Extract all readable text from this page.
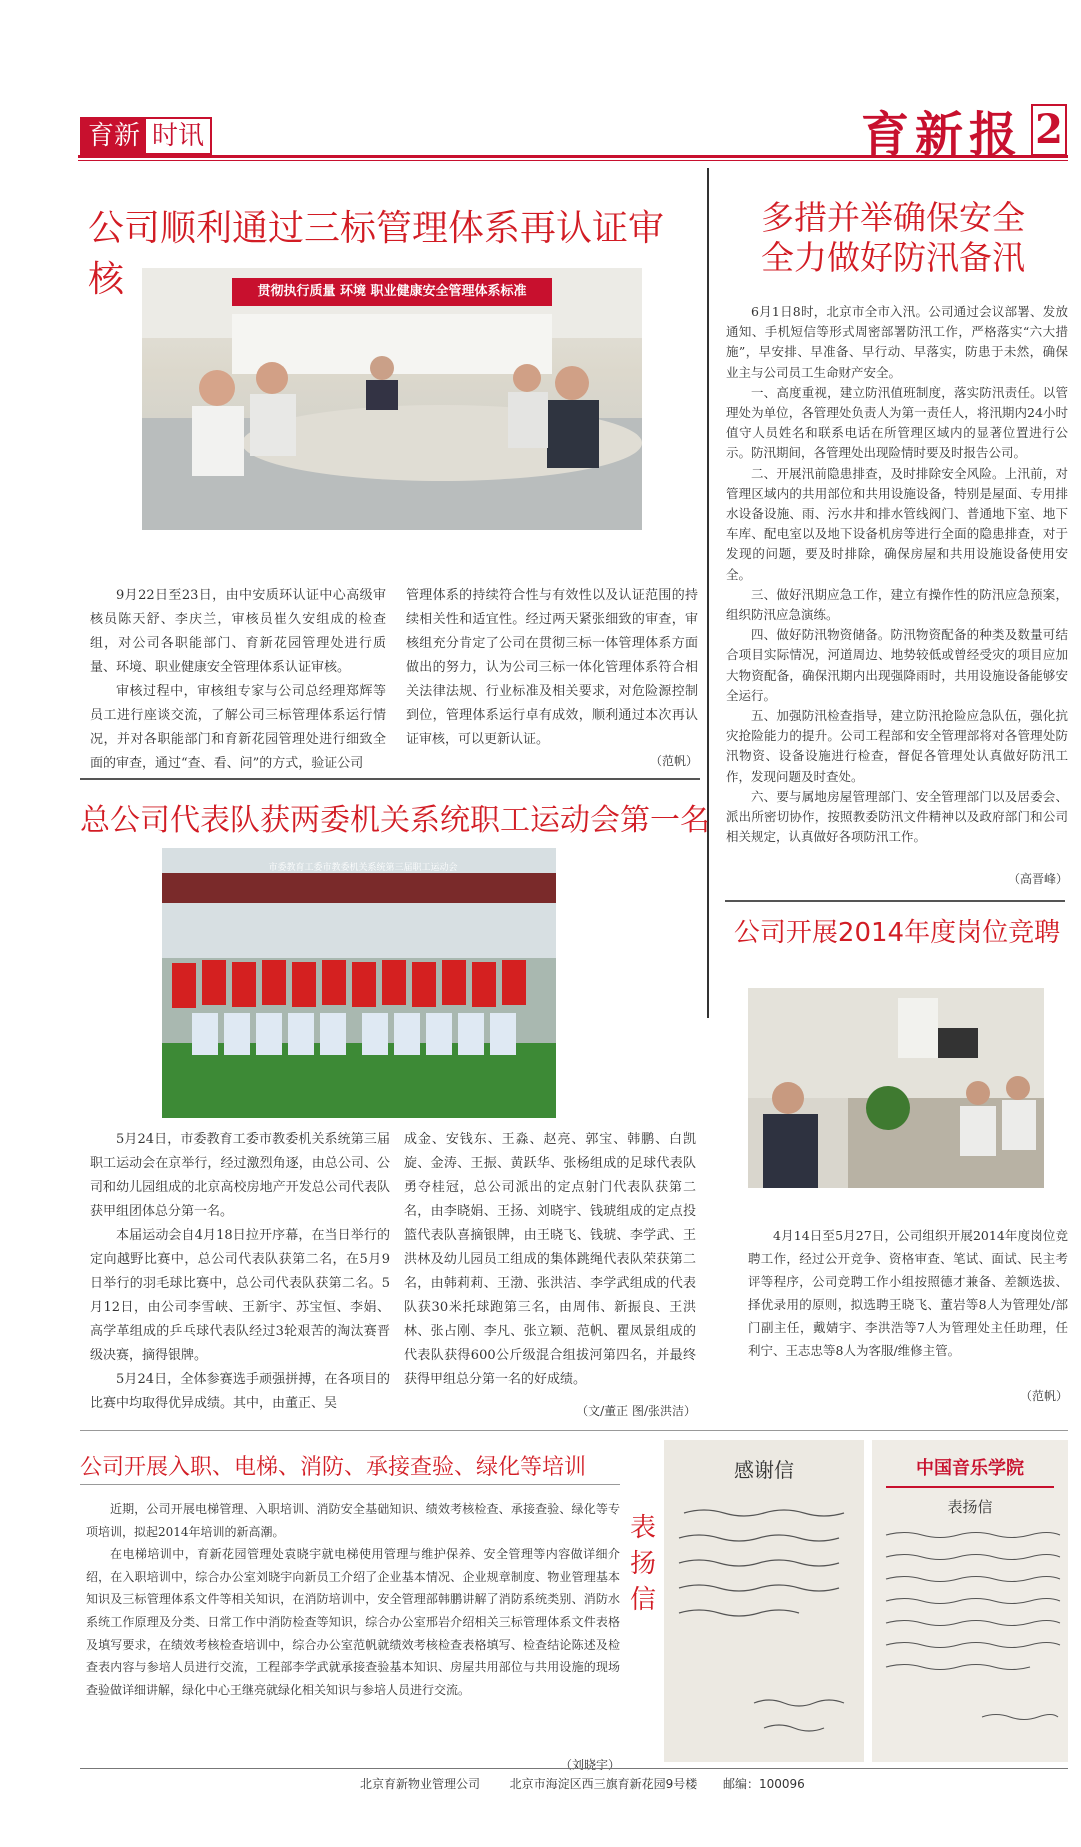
育新 时讯	育新报 2
公司顺利通过三标管理体系再认证审核	贯彻执行质量 环境 职业健康安全管理体系标准

9月22日至23日，由中安质环认证中心高级审核员陈天舒、李庆兰，审核员崔久安组成的检查组，对公司各职能部门、育新花园管理处进行质量、环境、职业健康安全管理体系认证审核。

审核过程中，审核组专家与公司总经理郑辉等员工进行座谈交流，了解公司三标管理体系运行情况，并对各职能部门和育新花园管理处进行细致全面的审查，通过“查、看、问”的方式，验证公司

管理体系的持续符合性与有效性以及认证范围的持续相关性和适宜性。经过两天紧张细致的审查，审核组充分肯定了公司在贯彻三标一体管理体系方面做出的努力，认为公司三标一体化管理体系符合相关法律法规、行业标准及相关要求，对危险源控制到位，管理体系运行卓有成效，顺利通过本次再认证审核，可以更新认证。

（范帆）
总公司代表队获两委机关系统职工运动会第一名
市委教育工委市教委机关系统第三届职工运动会

5月24日，市委教育工委市教委机关系统第三届职工运动会在京举行，经过激烈角逐，由总公司、公司和幼儿园组成的北京高校房地产开发总公司代表队获甲组团体总分第一名。

本届运动会自4月18日拉开序幕，在当日举行的定向越野比赛中，总公司代表队获第二名，在5月9日举行的羽毛球比赛中，总公司代表队获第二名。5月12日，由公司李雪峡、王新宇、苏宝恒、李娟、高学革组成的乒乓球代表队经过3轮艰苦的淘汰赛晋级决赛，摘得银牌。

5月24日，全体参赛选手顽强拼搏，在各项目的比赛中均取得优异成绩。其中，由董正、吴

成金、安钱东、王淼、赵亮、郭宝、韩鹏、白凯旋、金涛、王振、黄跃华、张杨组成的足球代表队勇夺桂冠，总公司派出的定点射门代表队获第二名，由李晓娟、王扬、刘晓宇、钱琥组成的定点投篮代表队喜摘银牌，由王晓飞、钱琥、李学武、王洪林及幼儿园员工组成的集体跳绳代表队荣获第二名，由韩莉莉、王渤、张洪洁、李学武组成的代表队获30米托球跑第三名，由周伟、新振良、王洪林、张占刚、李凡、张立颖、范帆、瞿凤景组成的代表队获得600公斤级混合组拔河第四名，并最终获得甲组总分第一名的好成绩。

（文/董正 图/张洪洁）
多措并举确保安全
全力做好防汛备汛

6月1日8时，北京市全市入汛。公司通过会议部署、发放通知、手机短信等形式周密部署防汛工作，严格落实“六大措施”，早安排、早准备、早行动、早落实，防患于未然，确保业主与公司员工生命财产安全。

一、高度重视，建立防汛值班制度，落实防汛责任。以管理处为单位，各管理处负责人为第一责任人，将汛期内24小时值守人员姓名和联系电话在所管理区域内的显著位置进行公示。防汛期间，各管理处出现险情时要及时报告公司。

二、开展汛前隐患排查，及时排除安全风险。上汛前，对管理区域内的共用部位和共用设施设备，特别是屋面、专用排水设备设施、雨、污水井和排水管线阀门、普通地下室、地下车库、配电室以及地下设备机房等进行全面的隐患排查，对于发现的问题，要及时排除，确保房屋和共用设施设备使用安全。

三、做好汛期应急工作，建立有操作性的防汛应急预案，组织防汛应急演练。

四、做好防汛物资储备。防汛物资配备的种类及数量可结合项目实际情况，河道周边、地势较低或曾经受灾的项目应加大物资配备，确保汛期内出现强降雨时，共用设施设备能够安全运行。

五、加强防汛检查指导，建立防汛抢险应急队伍，强化抗灾抢险能力的提升。公司工程部和安全管理部将对各管理处防汛物资、设备设施进行检查，督促各管理处认真做好防汛工作，发现问题及时查处。

六、要与属地房屋管理部门、安全管理部门以及居委会、派出所密切协作，按照教委防汛文件精神以及政府部门和公司相关规定，认真做好各项防汛工作。

（高晋峰）
公司开展2014年度岗位竞聘

4月14日至5月27日，公司组织开展2014年度岗位竞聘工作，经过公开竞争、资格审查、笔试、面试、民主考评等程序，公司竞聘工作小组按照德才兼备、差额选拔、择优录用的原则，拟选聘王晓飞、董岩等8人为管理处/部门副主任，戴婧宇、李洪浩等7人为管理处主任助理，任利宁、王志忠等8人为客服/维修主管。

（范帆）
公司开展入职、电梯、消防、承接查验、绿化等培训

近期，公司开展电梯管理、入职培训、消防安全基础知识、绩效考核检查、承接查验、绿化等专项培训，拟起2014年培训的新高潮。

在电梯培训中，育新花园管理处袁晓宇就电梯使用管理与维护保养、安全管理等内容做详细介绍，在入职培训中，综合办公室刘晓宇向新员工介绍了企业基本情况、企业规章制度、物业管理基本知识及三标管理体系文件等相关知识，在消防培训中，安全管理部韩鹏讲解了消防系统类别、消防水系统工作原理及分类、日常工作中消防检查等知识，综合办公室邢岩介绍相关三标管理体系文件表格及填写要求，在绩效考核检查培训中，综合办公室范帆就绩效考核检查表格填写、检查结论陈述及检查表内容与参培人员进行交流，工程部李学武就承接查验基本知识、房屋共用部位与共用设施的现场查验做详细讲解，绿化中心王继亮就绿化相关知识与参培人员进行交流。

（刘晓宇）
表扬信
感谢信	中国音乐学院
表扬信
北京育新物业管理公司 北京市海淀区西三旗育新花园9号楼 邮编：100096
